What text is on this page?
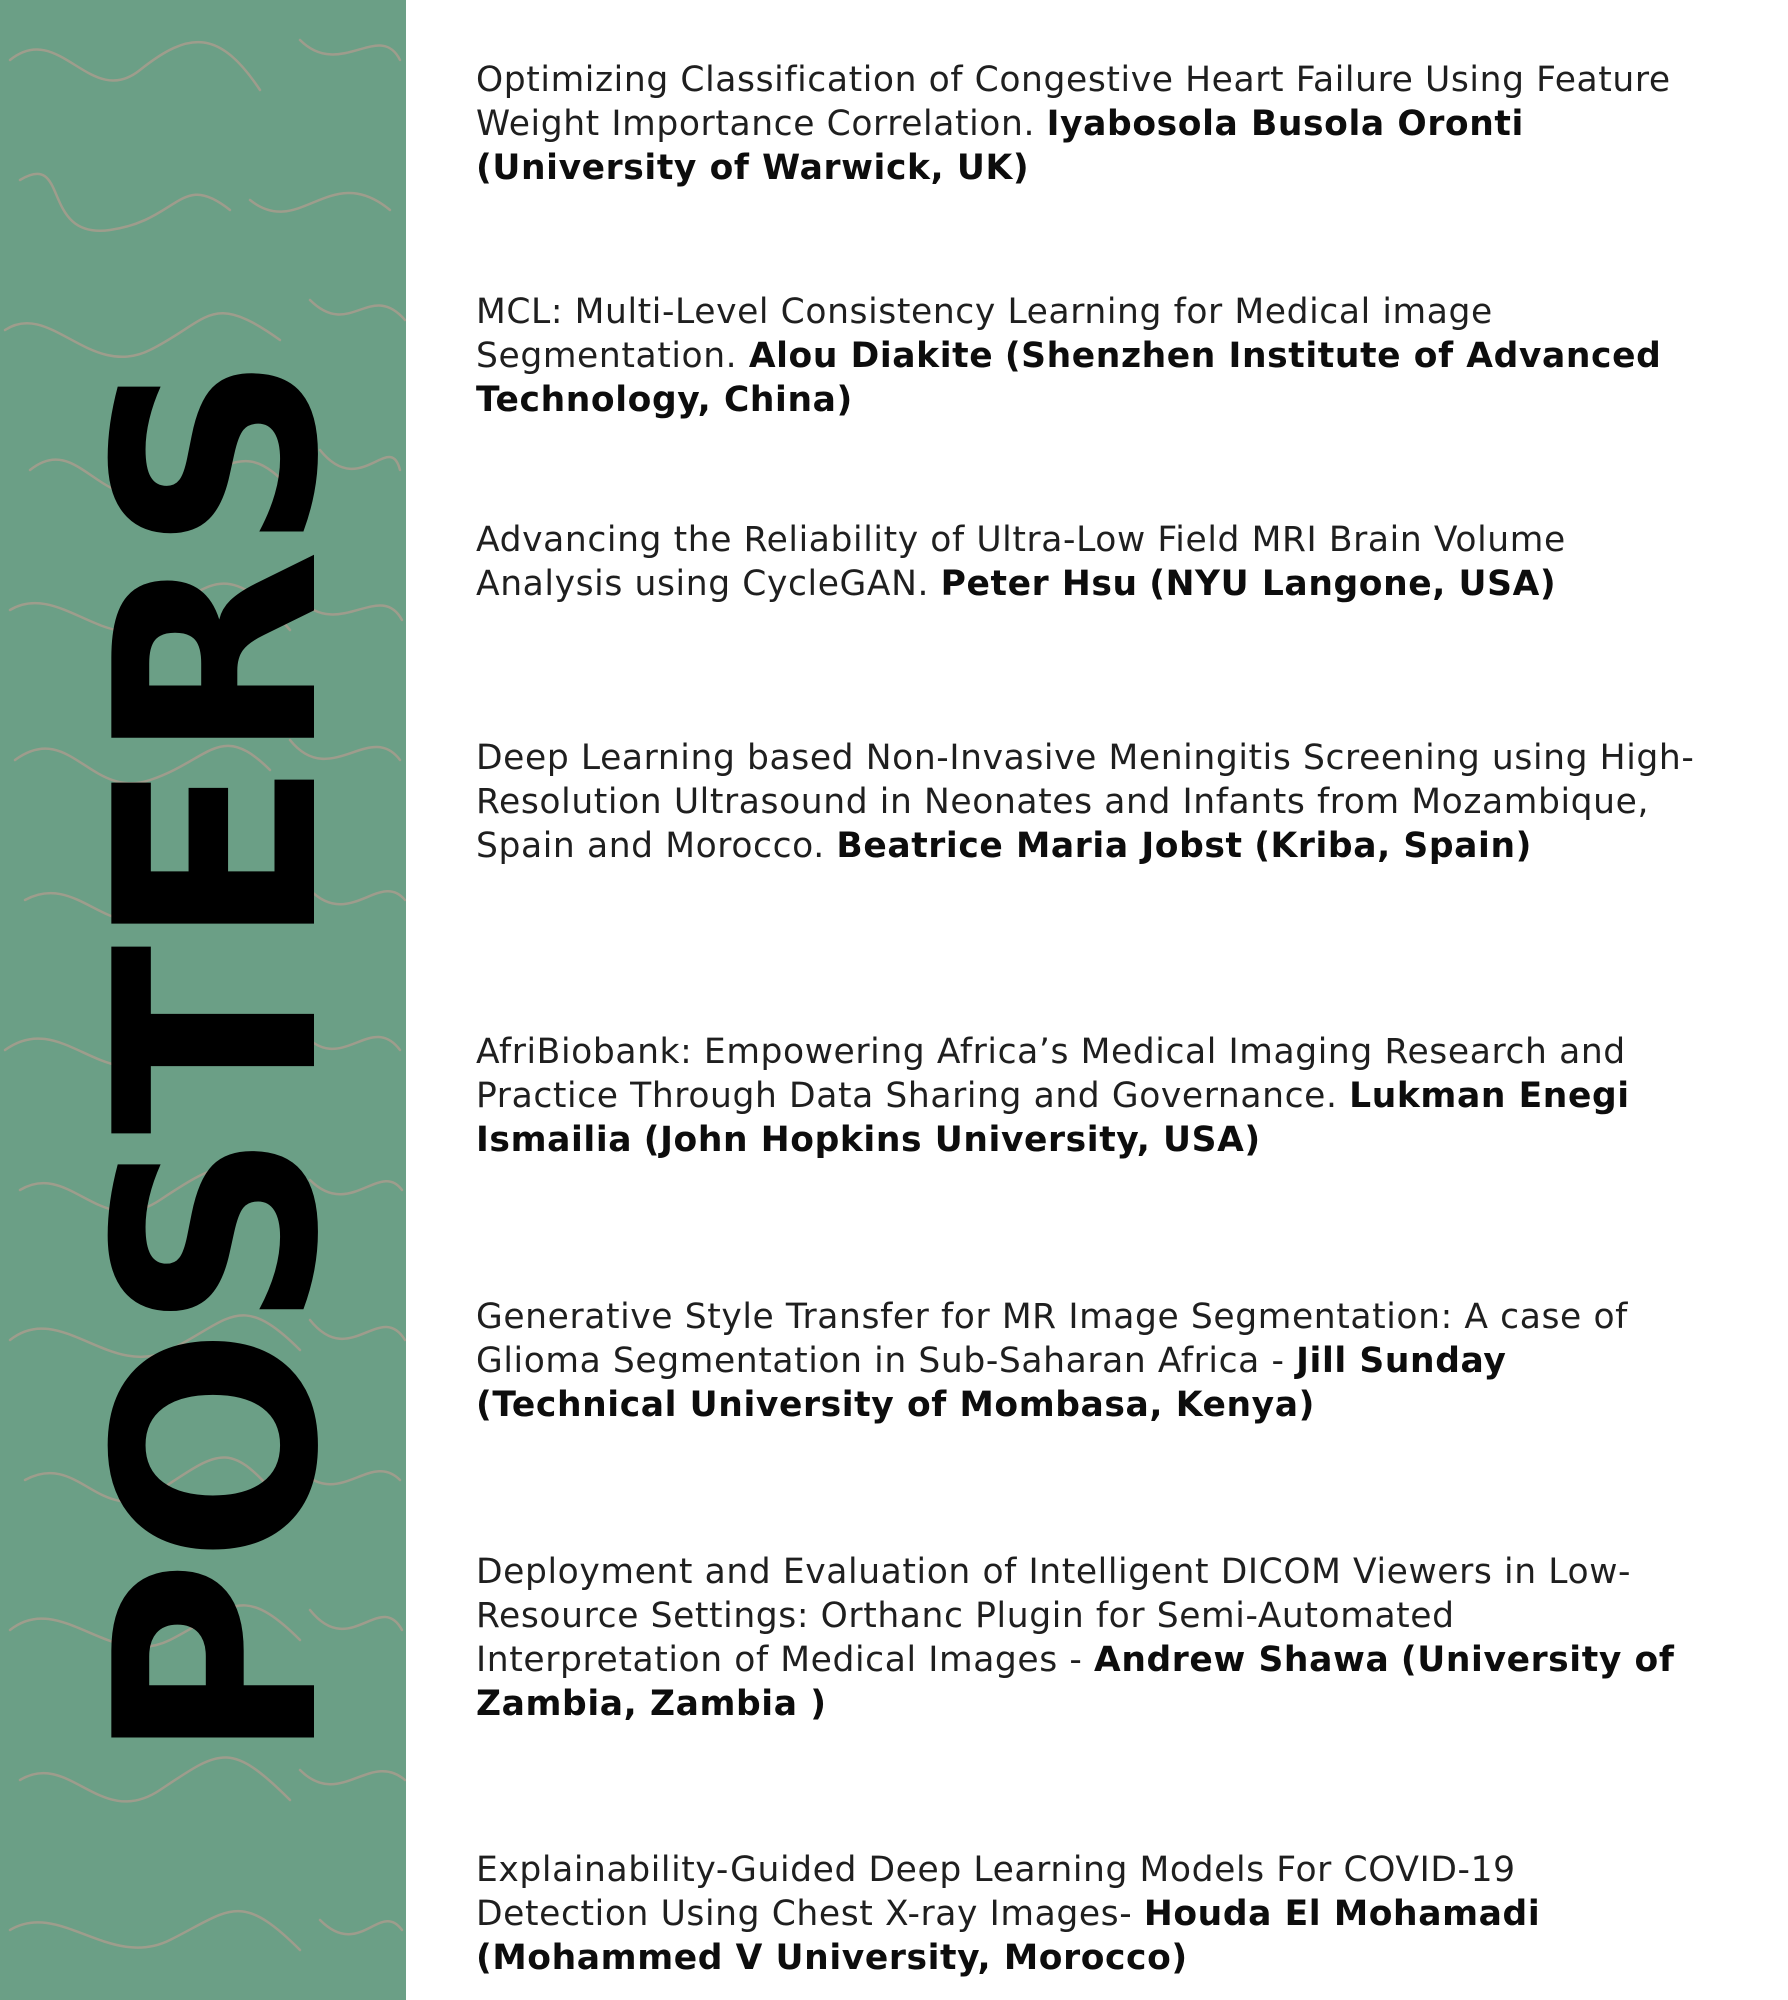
POSTERS

Optimizing Classification of Congestive Heart Failure Using Feature Weight Importance Correlation. Iyabosola Busola Oronti (University of Warwick, UK)

MCL: Multi-Level Consistency Learning for Medical image Segmentation. Alou Diakite (Shenzhen Institute of Advanced Technology, China)

Advancing the Reliability of Ultra-Low Field MRI Brain Volume Analysis using CycleGAN. Peter Hsu (NYU Langone, USA)

Deep Learning based Non-Invasive Meningitis Screening using High-Resolution Ultrasound in Neonates and Infants from Mozambique, Spain and Morocco. Beatrice Maria Jobst (Kriba, Spain)

AfriBiobank: Empowering Africa’s Medical Imaging Research and Practice Through Data Sharing and Governance. Lukman Enegi Ismailia (John Hopkins University, USA)

Generative Style Transfer for MR Image Segmentation: A case of Glioma Segmentation in Sub-Saharan Africa - Jill Sunday (Technical University of Mombasa, Kenya)

Deployment and Evaluation of Intelligent DICOM Viewers in Low-Resource Settings: Orthanc Plugin for Semi-Automated Interpretation of Medical Images - Andrew Shawa (University of Zambia, Zambia )

Explainability-Guided Deep Learning Models For COVID-19 Detection Using Chest X-ray Images- Houda El Mohamadi (Mohammed V University, Morocco)
